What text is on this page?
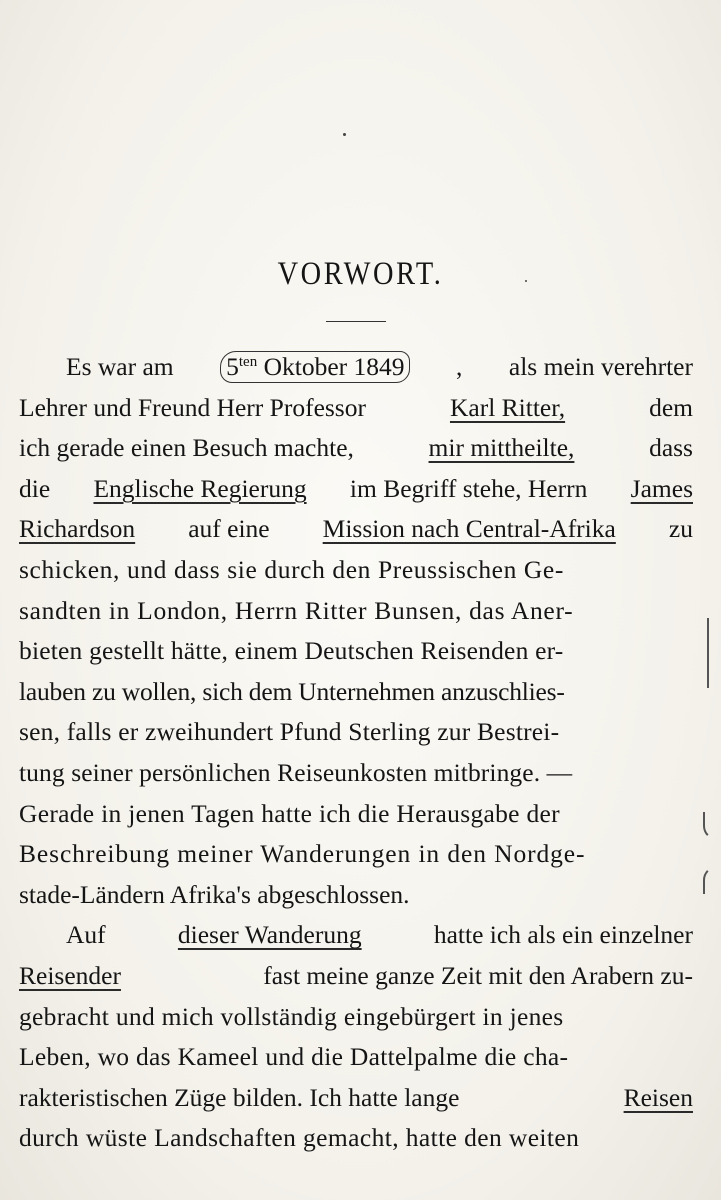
VORWORT.
Es war am $5^{ten}$ Oktober 1849 , als mein verehrter
Lehrer und Freund Herr Professor	Karl Ritter,	dem
ich gerade einen Besuch machte,	mir mittheilte,	dass
die Englische Regierung im Begriff stehe, Herrn James
Richardson auf eine Mission nach Central-Afrika zu
schicken, und dass sie durch den Preussischen Ge-
sandten in London, Herrn Ritter Bunsen, das Aner-
bieten gestellt hätte, einem Deutschen Reisenden er-
lauben zu wollen, sich dem Unternehmen anzuschlies-
sen, falls er zweihundert Pfund Sterling zur Bestrei-
tung seiner persönlichen Reiseunkosten mitbringe. —
Gerade in jenen Tagen hatte ich die Herausgabe der
Beschreibung meiner Wanderungen in den Nordge-
stade-Ländern Afrika's abgeschlossen.
Auf	dieser Wanderung	hatte ich als ein einzelner
Reisender	fast meine ganze Zeit mit den Arabern zu-
gebracht und mich vollständig eingebürgert in jenes
Leben, wo das Kameel und die Dattelpalme die cha-
rakteristischen Züge bilden. Ich hatte lange	Reisen
durch wüste Landschaften gemacht, hatte den weiten
